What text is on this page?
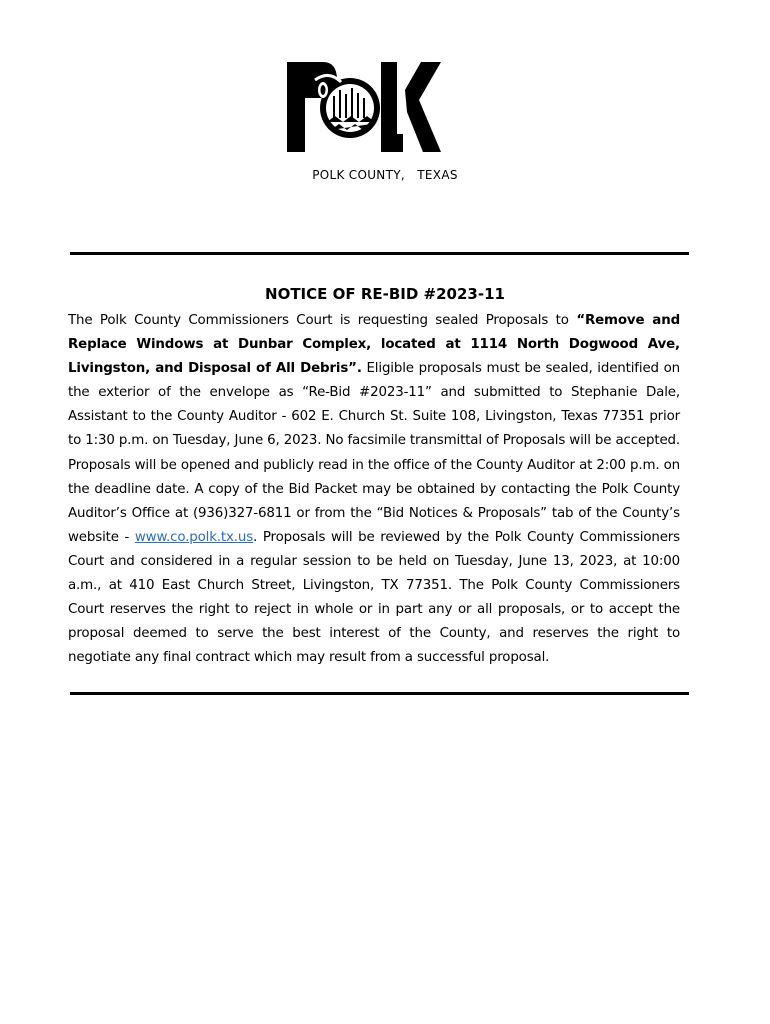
POLK COUNTY,   TEXAS
NOTICE OF RE-BID #2023-11
The Polk County Commissioners Court is requesting sealed Proposals to “Remove and Replace Windows at Dunbar Complex, located at 1114 North Dogwood Ave, Livingston, and Disposal of All Debris”. Eligible proposals must be sealed, identified on the exterior of the envelope as “Re-Bid #2023-11” and submitted to Stephanie Dale, Assistant to the County Auditor - 602 E. Church St. Suite 108, Livingston, Texas 77351 prior to 1:30 p.m. on Tuesday, June 6, 2023. No facsimile transmittal of Proposals will be accepted. Proposals will be opened and publicly read in the office of the County Auditor at 2:00 p.m. on the deadline date. A copy of the Bid Packet may be obtained by contacting the Polk County Auditor’s Office at (936)327-6811 or from the “Bid Notices & Proposals” tab of the County’s website - www.co.polk.tx.us. Proposals will be reviewed by the Polk County Commissioners Court and considered in a regular session to be held on Tuesday, June 13, 2023, at 10:00 a.m., at 410 East Church Street, Livingston, TX 77351. The Polk County Commissioners Court reserves the right to reject in whole or in part any or all proposals, or to accept the proposal deemed to serve the best interest of the County, and reserves the right to negotiate any final contract which may result from a successful proposal.
